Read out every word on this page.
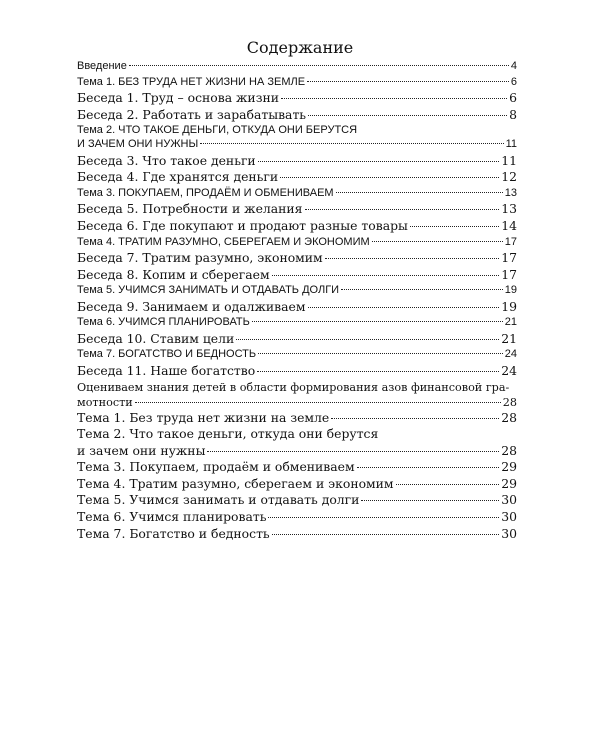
Содержание
Введение	4
Тема 1. БЕЗ ТРУДА НЕТ ЖИЗНИ НА ЗЕМЛЕ	6
Беседа 1. Труд – основа жизни	6
Беседа 2. Работать и зарабатывать	8
Тема 2. ЧТО ТАКОЕ ДЕНЬГИ, ОТКУДА ОНИ БЕРУТСЯ
И ЗАЧЕМ ОНИ НУЖНЫ	11
Беседа 3. Что такое деньги	11
Беседа 4. Где хранятся деньги	12
Тема 3. ПОКУПАЕМ, ПРОДАЁМ И ОБМЕНИВАЕМ	13
Беседа 5. Потребности и желания	13
Беседа 6. Где покупают и продают разные товары	14
Тема 4. ТРАТИМ РАЗУМНО, СБЕРЕГАЕМ И ЭКОНОМИМ	17
Беседа 7. Тратим разумно, экономим	17
Беседа 8. Копим и сберегаем	17
Тема 5. УЧИМСЯ ЗАНИМАТЬ И ОТДАВАТЬ ДОЛГИ	19
Беседа 9. Занимаем и одалживаем	19
Тема 6. УЧИМСЯ ПЛАНИРОВАТЬ	21
Беседа 10. Ставим цели	21
Тема 7. БОГАТСТВО И БЕДНОСТЬ	24
Беседа 11. Наше богатство	24
Оцениваем знания детей в области формирования азов финансовой гра-
мотности	28
Тема 1. Без труда нет жизни на земле	28
Тема 2. Что такое деньги, откуда они берутся
и зачем они нужны	28
Тема 3. Покупаем, продаём и обмениваем	29
Тема 4. Тратим разумно, сберегаем и экономим	29
Тема 5. Учимся занимать и отдавать долги	30
Тема 6. Учимся планировать	30
Тема 7. Богатство и бедность	30
